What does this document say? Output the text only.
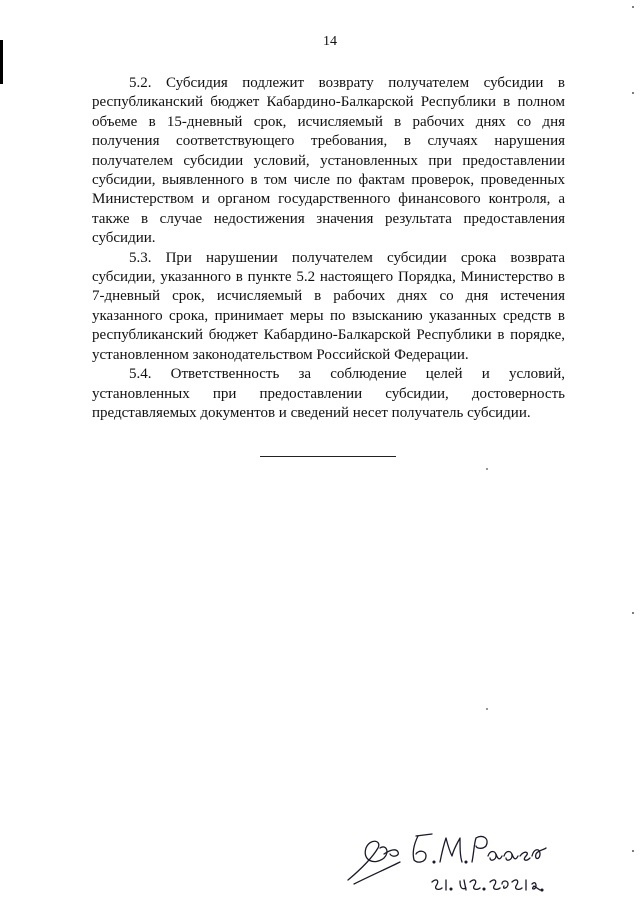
14

5.2. Субсидия подлежит возврату получателем субсидии в республиканский бюджет Кабардино-Балкарской Республики в полном объеме в 15-дневный срок, исчисляемый в рабочих днях со дня получения соответствующего требования, в случаях нарушения получателем субсидии условий, установленных при предоставлении субсидии, выявленного в том числе по фактам проверок, проведенных Министерством и органом государственного финансового контроля, а также в случае недостижения значения результата предоставления субсидии.

5.3. При нарушении получателем субсидии срока возврата субсидии, указанного в пункте 5.2 настоящего Порядка, Министерство в 7-дневный срок, исчисляемый в рабочих днях со дня истечения указанного срока, принимает меры по взысканию указанных средств в республиканский бюджет Кабардино-Балкарской Республики в порядке, установленном законодательством Российской Федерации.

5.4. Ответственность за соблюдение целей и условий, установленных при предоставлении субсидии, достоверность представляемых документов и сведений несет получатель субсидии.
